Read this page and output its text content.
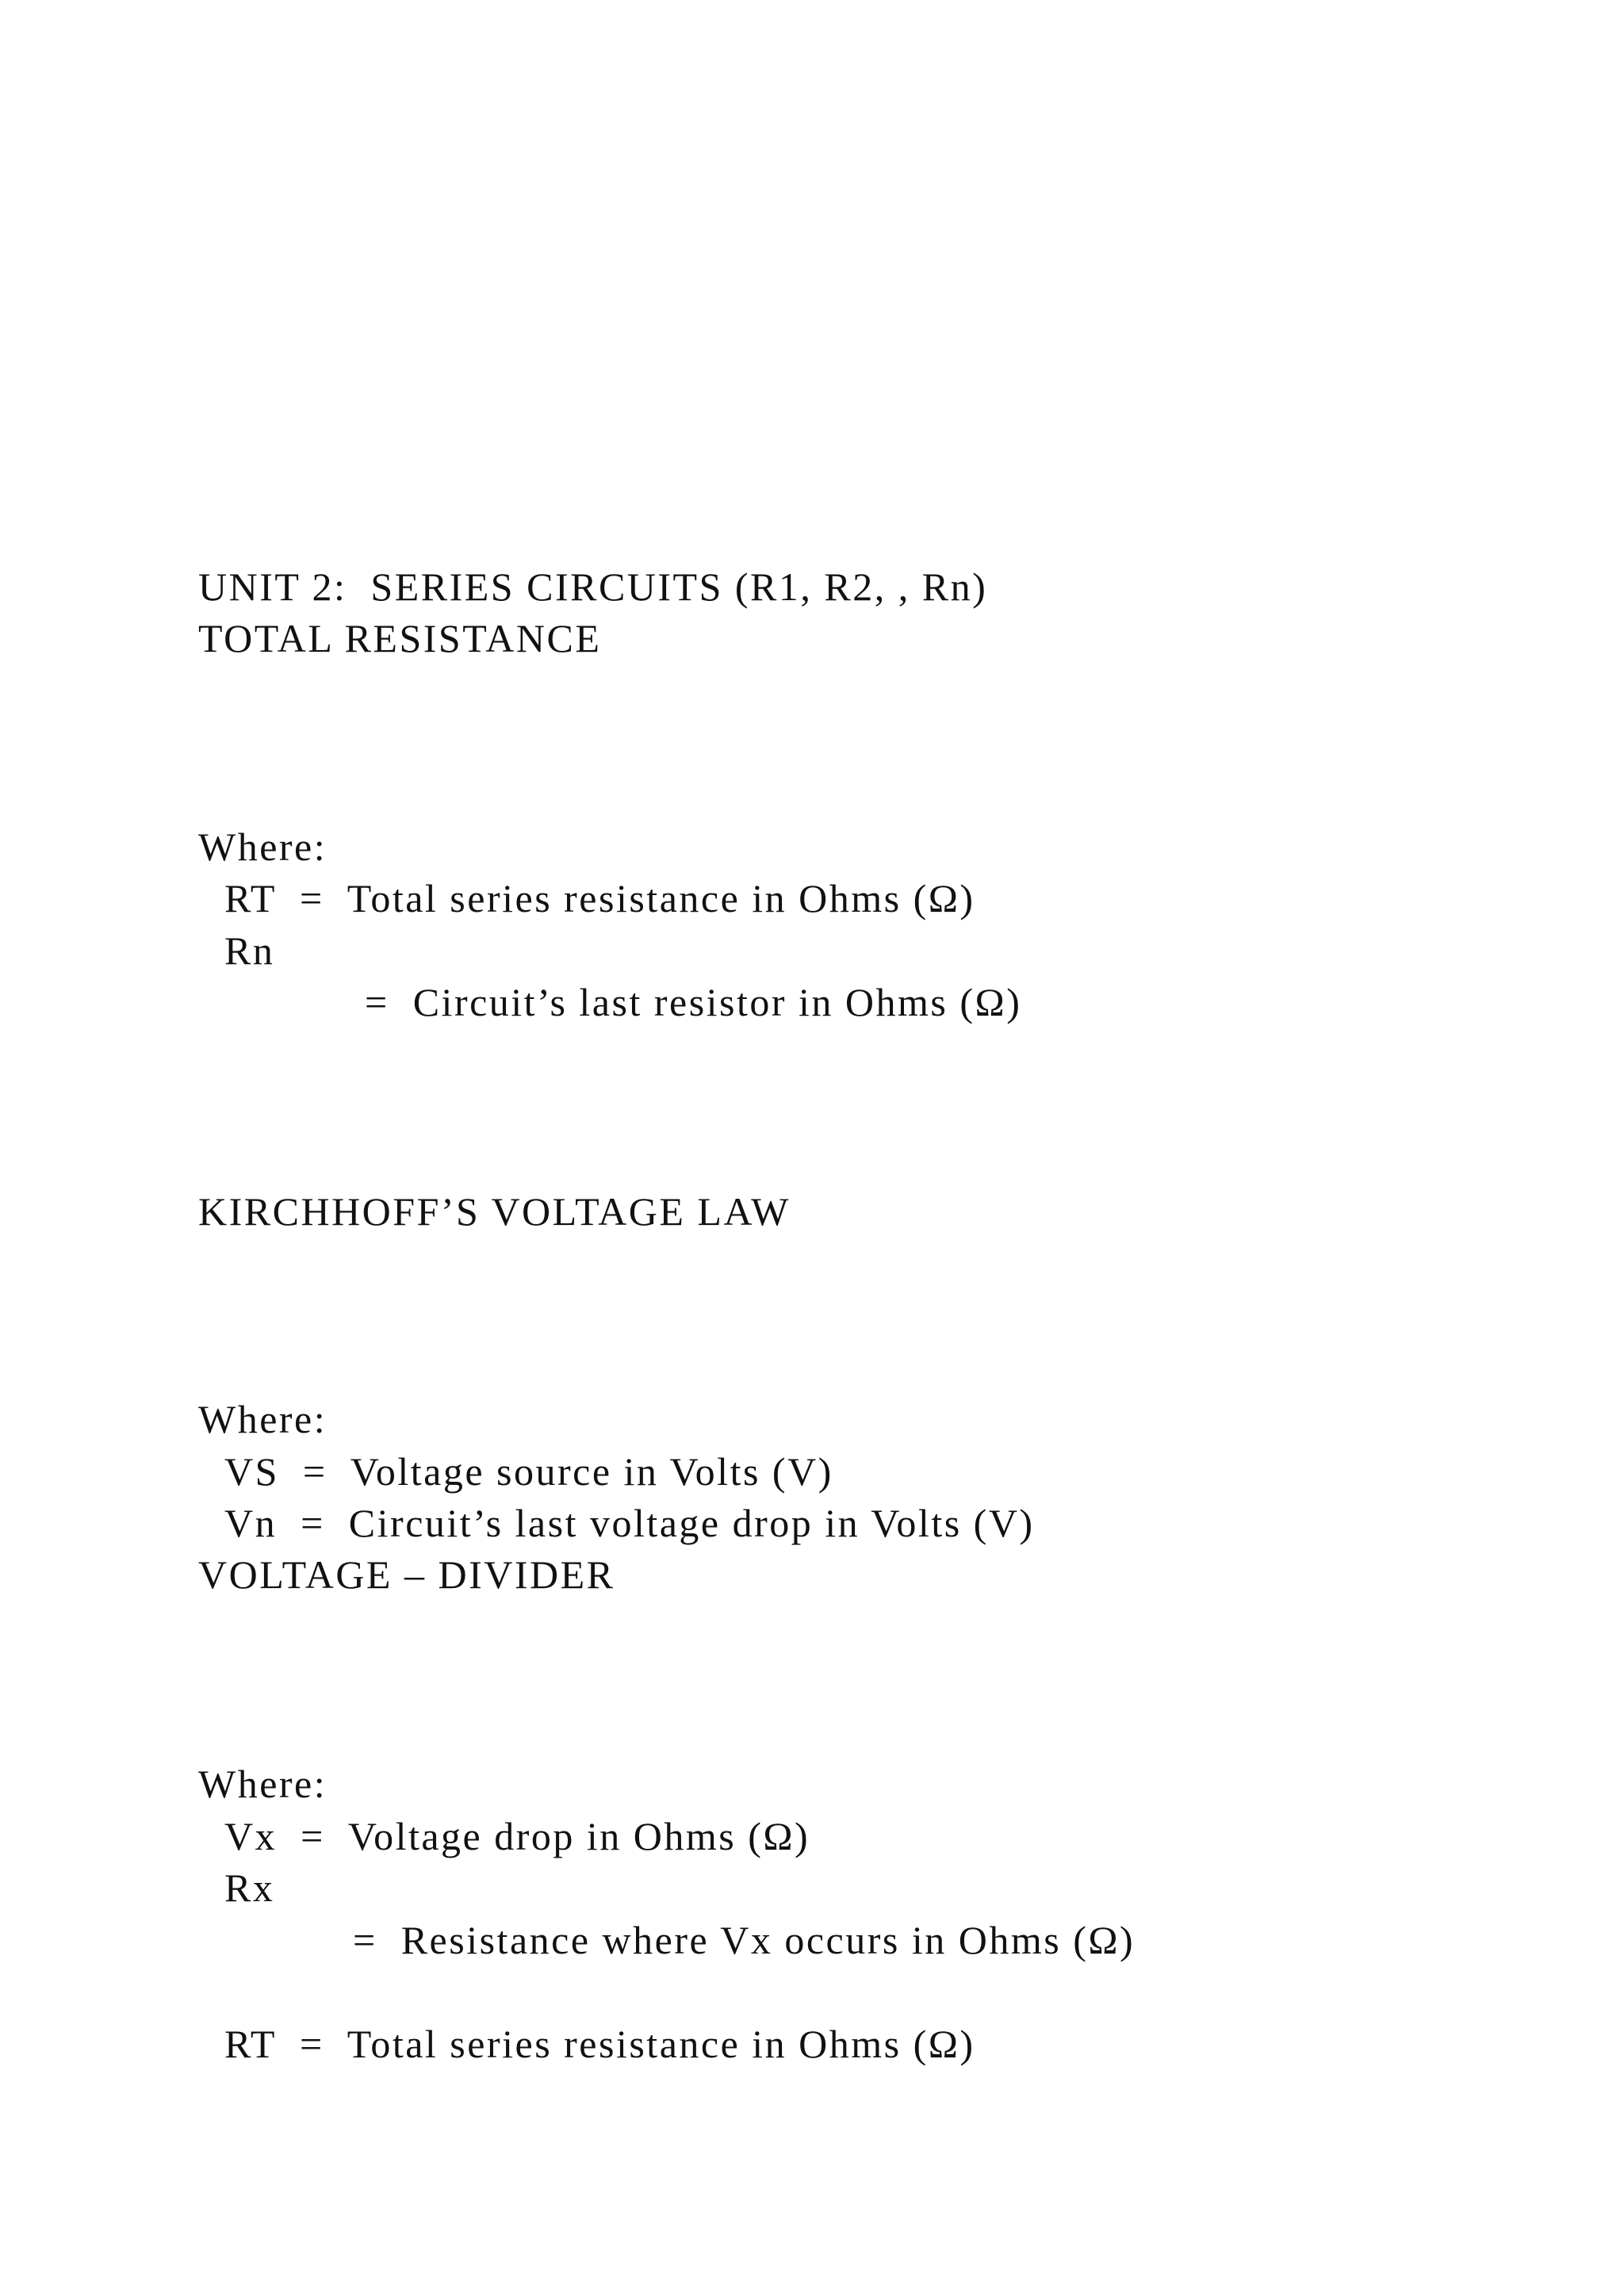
UNIT 2:  SERIES CIRCUITS (R1, R2, , Rn)
TOTAL RESISTANCE
Where:
RT  =  Total series resistance in Ohms (Ω)
Rn
=  Circuit’s last resistor in Ohms (Ω)
KIRCHHOFF’S VOLTAGE LAW
Where:
VS  =  Voltage source in Volts (V)
Vn  =  Circuit’s last voltage drop in Volts (V)
VOLTAGE – DIVIDER
Where:
Vx  =  Voltage drop in Ohms (Ω)
Rx
=  Resistance where Vx occurs in Ohms (Ω)
RT  =  Total series resistance in Ohms (Ω)
